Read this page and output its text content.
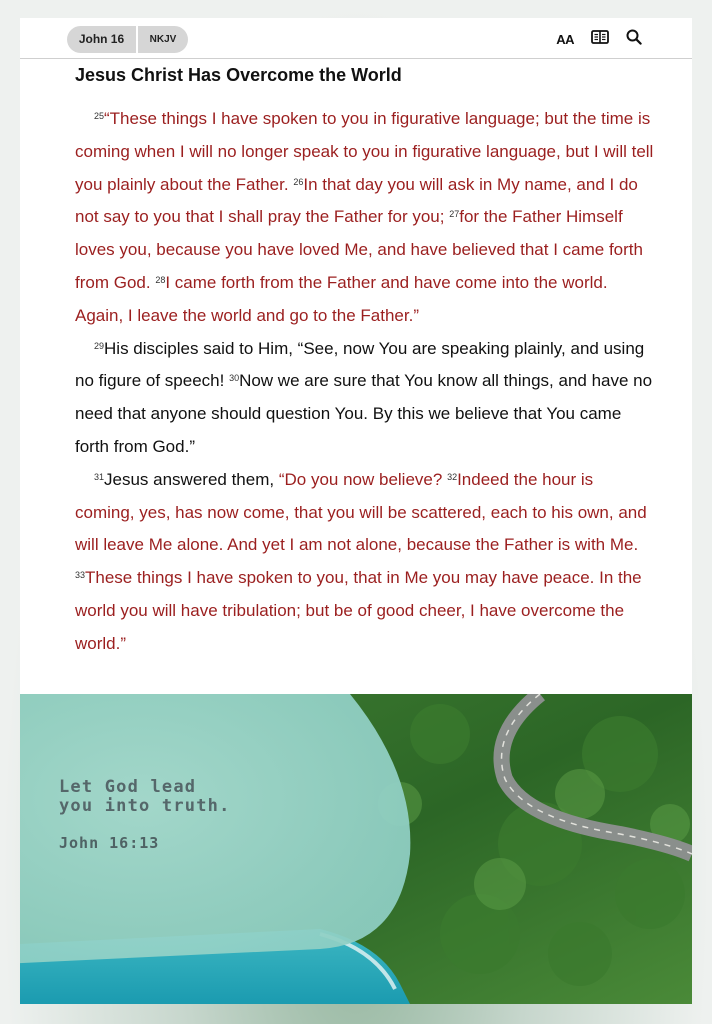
John 16	NKJV	AA
Jesus Christ Has Overcome the World

$^{25}$“These things I have spoken to you in figurative language; but the time is coming when I will no longer speak to you in figurative language, but I will tell you plainly about the Father. $^{26}$In that day you will ask in My name, and I do not say to you that I shall pray the Father for you; $^{27}$for the Father Himself loves you, because you have loved Me, and have believed that I came forth from God. $^{28}$I came forth from the Father and have come into the world. Again, I leave the world and go to the Father.”

$^{29}$His disciples said to Him, “See, now You are speaking plainly, and using no figure of speech! $^{30}$Now we are sure that You know all things, and have no need that anyone should question You. By this we believe that You came forth from God.”

$^{31}$Jesus answered them, “Do you now believe? $^{32}$Indeed the hour is coming, yes, has now come, that you will be scattered, each to his own, and will leave Me alone. And yet I am not alone, because the Father is with Me. $^{33}$These things I have spoken to you, that in Me you may have peace. In the world you will have tribulation; but be of good cheer, I have overcome the world.”

Let God lead
you into truth.
John 16:13
